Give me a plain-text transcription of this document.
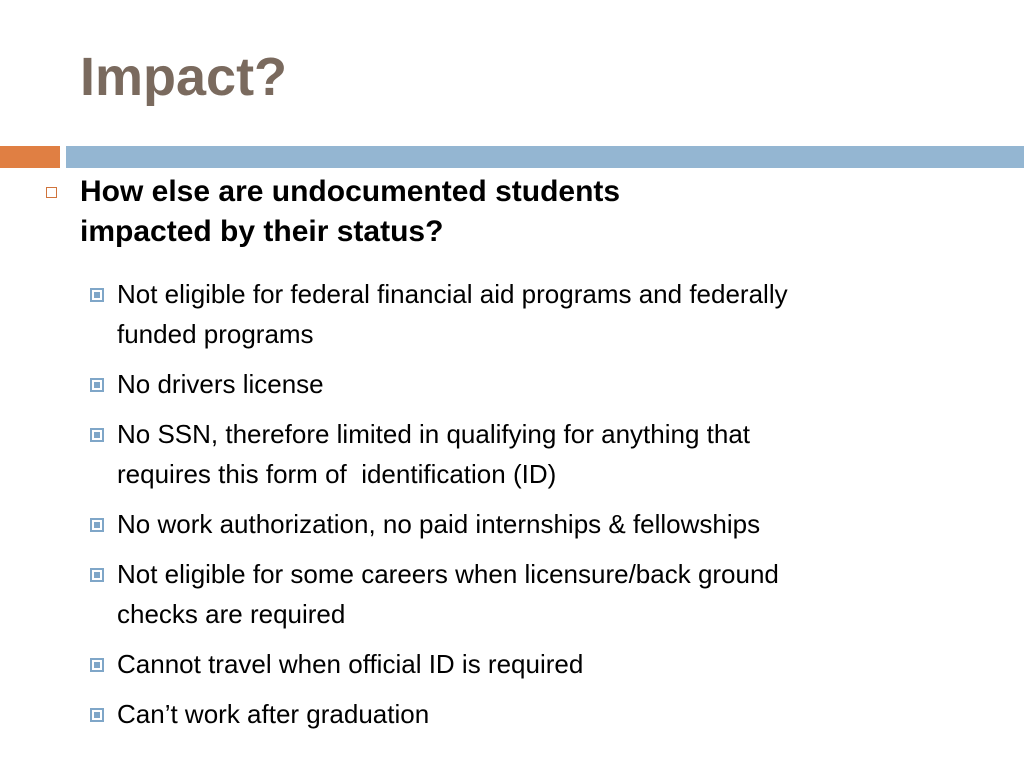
Impact?

How else are undocumented students
impacted by their status?

Not eligible for federal financial aid programs and federally
funded programs
No drivers license
No SSN, therefore limited in qualifying for anything that
requires this form of  identification (ID)
No work authorization, no paid internships & fellowships
Not eligible for some careers when licensure/back ground
checks are required
Cannot travel when official ID is required
Can’t work after graduation
